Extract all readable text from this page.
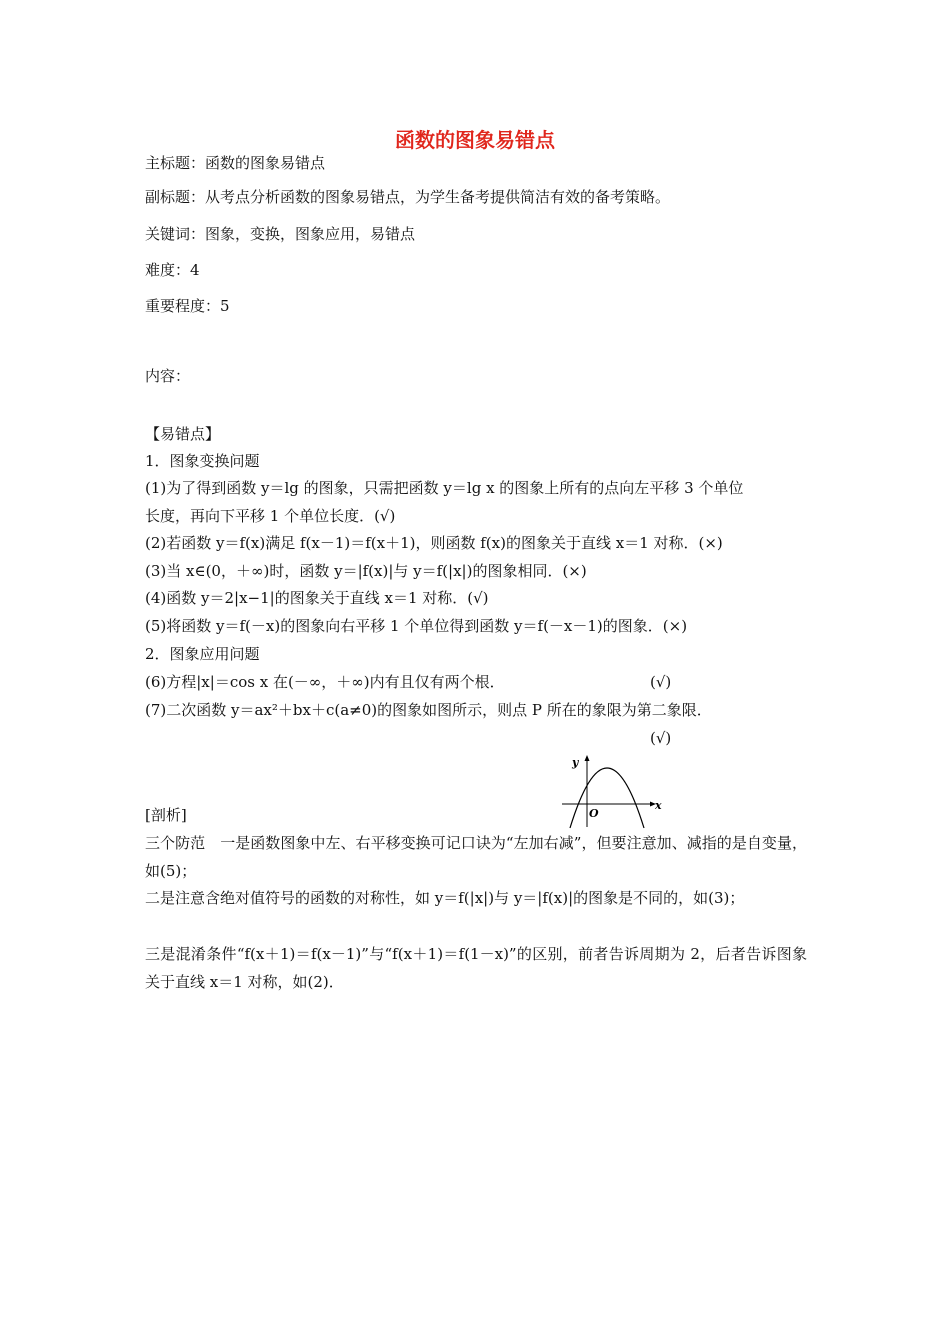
函数的图象易错点
主标题：函数的图象易错点
副标题：从考点分析函数的图象易错点，为学生备考提供简洁有效的备考策略。
关键词：图象，变换，图象应用，易错点
难度：4
重要程度：5
内容：
【易错点】
1．图象变换问题
(1)为了得到函数 y＝lg 的图象，只需把函数 y＝lg x 的图象上所有的点向左平移 3 个单位
长度，再向下平移 1 个单位长度．(√)
(2)若函数 y＝f(x)满足 f(x－1)＝f(x＋1)，则函数 f(x)的图象关于直线 x＝1 对称．(×)
(3)当 x∈(0，＋∞)时，函数 y＝|f(x)|与 y＝f(|x|)的图象相同．(×)
(4)函数 y＝2|x−1|的图象关于直线 x＝1 对称．(√)
(5)将函数 y＝f(－x)的图象向右平移 1 个单位得到函数 y＝f(－x－1)的图象．(×)
2．图象应用问题
(6)方程|x|＝cos x 在(－∞，＋∞)内有且仅有两个根．	(√)
(7)二次函数 y＝ax²＋bx＋c(a≠0)的图象如图所示，则点 P 所在的象限为第二象限．
(√)
y
x
O
[剖析]
三个防范　一是函数图象中左、右平移变换可记口诀为“左加右减”，但要注意加、减指的是自变量，如(5)；
二是注意含绝对值符号的函数的对称性，如 y＝f(|x|)与 y＝|f(x)|的图象是不同的，如(3)；
三是混淆条件“f(x＋1)＝f(x－1)”与“f(x＋1)＝f(1－x)”的区别，前者告诉周期为 2，后者告诉图象关于直线 x＝1 对称，如(2)．
